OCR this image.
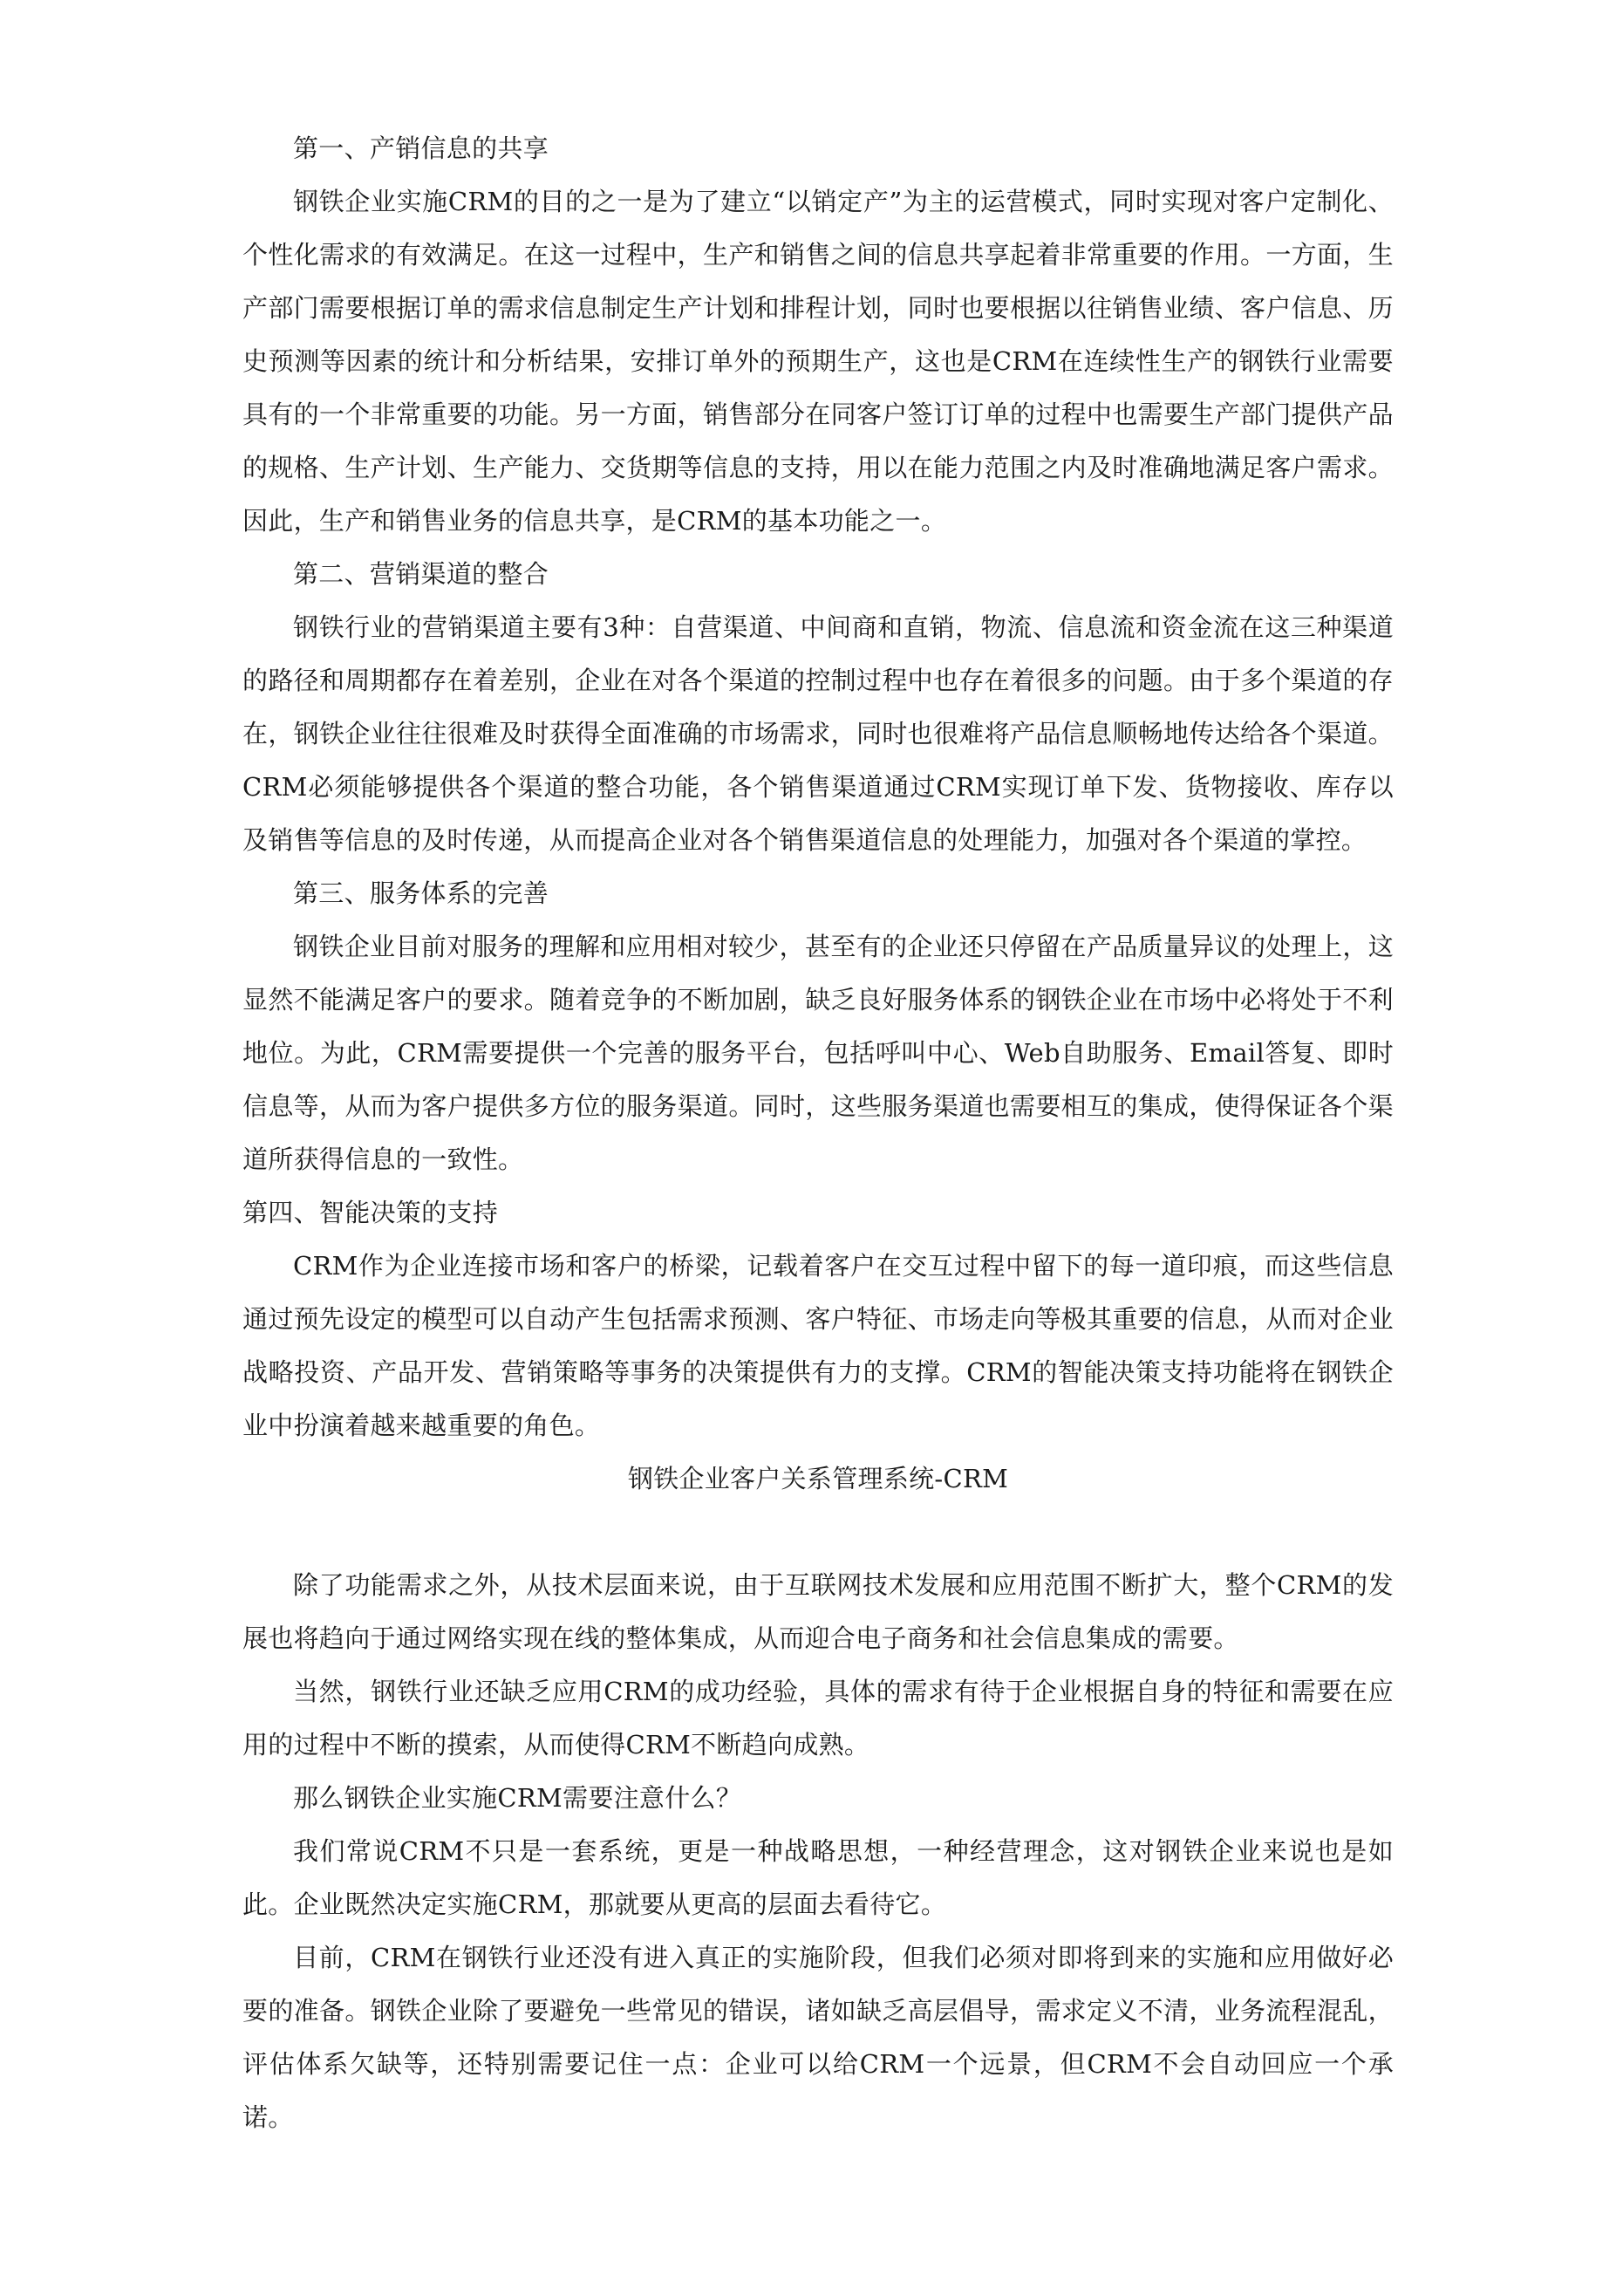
第一、产销信息的共享

钢铁企业实施CRM的目的之一是为了建立“以销定产”为主的运营模式，同时实现对客户定制化、个性化需求的有效满足。在这一过程中，生产和销售之间的信息共享起着非常重要的作用。一方面，生产部门需要根据订单的需求信息制定生产计划和排程计划，同时也要根据以往销售业绩、客户信息、历史预测等因素的统计和分析结果，安排订单外的预期生产，这也是CRM在连续性生产的钢铁行业需要具有的一个非常重要的功能。另一方面，销售部分在同客户签订订单的过程中也需要生产部门提供产品的规格、生产计划、生产能力、交货期等信息的支持，用以在能力范围之内及时准确地满足客户需求。因此，生产和销售业务的信息共享，是CRM的基本功能之一。

第二、营销渠道的整合

钢铁行业的营销渠道主要有3种：自营渠道、中间商和直销，物流、信息流和资金流在这三种渠道的路径和周期都存在着差别，企业在对各个渠道的控制过程中也存在着很多的问题。由于多个渠道的存在，钢铁企业往往很难及时获得全面准确的市场需求，同时也很难将产品信息顺畅地传达给各个渠道。CRM必须能够提供各个渠道的整合功能，各个销售渠道通过CRM实现订单下发、货物接收、库存以及销售等信息的及时传递，从而提高企业对各个销售渠道信息的处理能力，加强对各个渠道的掌控。

第三、服务体系的完善

钢铁企业目前对服务的理解和应用相对较少，甚至有的企业还只停留在产品质量异议的处理上，这显然不能满足客户的要求。随着竞争的不断加剧，缺乏良好服务体系的钢铁企业在市场中必将处于不利地位。为此，CRM需要提供一个完善的服务平台，包括呼叫中心、Web自助服务、Email答复、即时信息等，从而为客户提供多方位的服务渠道。同时，这些服务渠道也需要相互的集成，使得保证各个渠道所获得信息的一致性。

第四、智能决策的支持

CRM作为企业连接市场和客户的桥梁，记载着客户在交互过程中留下的每一道印痕，而这些信息通过预先设定的模型可以自动产生包括需求预测、客户特征、市场走向等极其重要的信息，从而对企业战略投资、产品开发、营销策略等事务的决策提供有力的支撑。CRM的智能决策支持功能将在钢铁企业中扮演着越来越重要的角色。

钢铁企业客户关系管理系统-CRM

除了功能需求之外，从技术层面来说，由于互联网技术发展和应用范围不断扩大，整个CRM的发展也将趋向于通过网络实现在线的整体集成，从而迎合电子商务和社会信息集成的需要。

当然，钢铁行业还缺乏应用CRM的成功经验，具体的需求有待于企业根据自身的特征和需要在应用的过程中不断的摸索，从而使得CRM不断趋向成熟。

那么钢铁企业实施CRM需要注意什么？

我们常说CRM不只是一套系统，更是一种战略思想，一种经营理念，这对钢铁企业来说也是如此。企业既然决定实施CRM，那就要从更高的层面去看待它。

目前，CRM在钢铁行业还没有进入真正的实施阶段，但我们必须对即将到来的实施和应用做好必要的准备。钢铁企业除了要避免一些常见的错误，诸如缺乏高层倡导，需求定义不清，业务流程混乱，评估体系欠缺等，还特别需要记住一点：企业可以给CRM一个远景，但CRM不会自动回应一个承诺。
